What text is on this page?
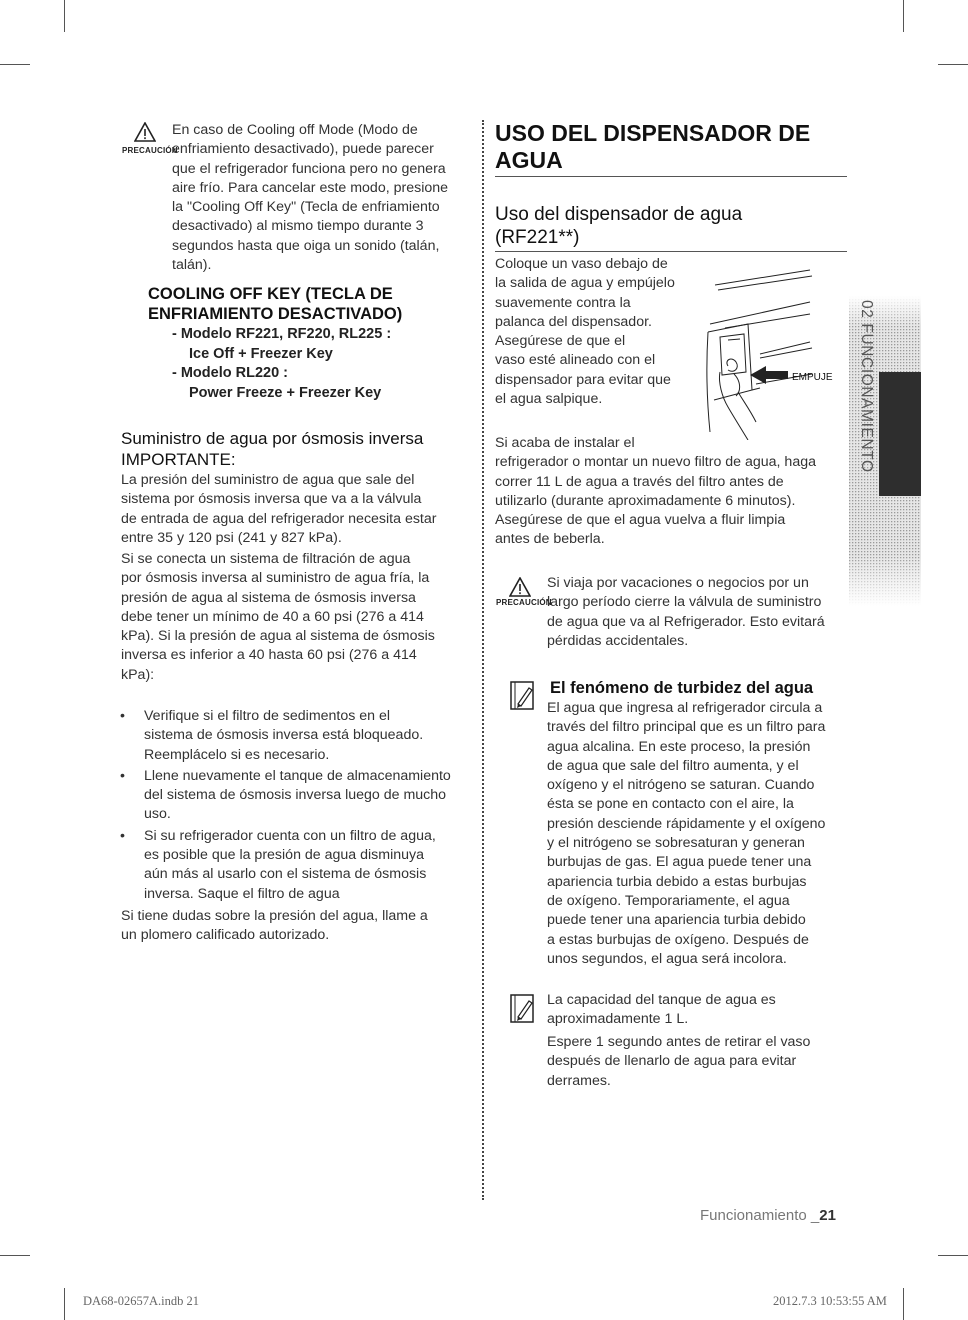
PRECAUCIÓN
En caso de Cooling off Mode (Modo de
enfriamiento desactivado), puede parecer
que el refrigerador funciona pero no genera
aire frío. Para cancelar este modo, presione
la "Cooling Off Key" (Tecla de enfriamiento
desactivado) al mismo tiempo durante 3
segundos hasta que oiga un sonido (talán,
talán).
COOLING OFF KEY (TECLA DE
ENFRIAMIENTO DESACTIVADO)
- Modelo RF221, RF220, RL225 :
Ice Off + Freezer Key
- Modelo RL220 :
Power Freeze + Freezer Key
Suministro de agua por ósmosis inversa
IMPORTANTE:
La presión del suministro de agua que sale del
sistema por ósmosis inversa que va a la válvula
de entrada de agua del refrigerador necesita estar
entre 35 y 120 psi (241 y 827 kPa).
Si se conecta un sistema de filtración de agua
por ósmosis inversa al suministro de agua fría, la
presión de agua al sistema de ósmosis inversa
debe tener un mínimo de 40 a 60 psi (276 a 414
kPa). Si la presión de agua al sistema de ósmosis
inversa es inferior a 40 hasta 60 psi (276 a 414
kPa):
• Verifique si el filtro de sedimentos en el
sistema de ósmosis inversa está bloqueado.
Reemplácelo si es necesario.
• Llene nuevamente el tanque de almacenamiento
del sistema de ósmosis inversa luego de mucho
uso.
• Si su refrigerador cuenta con un filtro de agua,
es posible que la presión de agua disminuya
aún más al usarlo con el sistema de ósmosis
inversa. Saque el filtro de agua
Si tiene dudas sobre la presión del agua, llame a
un plomero calificado autorizado.
USO DEL DISPENSADOR DE
AGUA
Uso del dispensador de agua
(RF221**)
Coloque un vaso debajo de
la salida de agua y empújelo
suavemente contra la
palanca del dispensador.
Asegúrese de que el
vaso esté alineado con el
dispensador para evitar que
el agua salpique.
EMPUJE
Si acaba de instalar el
refrigerador o montar un nuevo filtro de agua, haga
correr 11 L de agua a través del filtro antes de
utilizarlo (durante aproximadamente 6 minutos).
Asegúrese de que el agua vuelva a fluir limpia
antes de beberla.
PRECAUCIÓN
Si viaja por vacaciones o negocios por un
largo período cierre la válvula de suministro
de agua que va al Refrigerador. Esto evitará
pérdidas accidentales.
El fenómeno de turbidez del agua
El agua que ingresa al refrigerador circula a
través del filtro principal que es un filtro para
agua alcalina. En este proceso, la presión
de agua que sale del filtro aumenta, y el
oxígeno y el nitrógeno se saturan. Cuando
ésta se pone en contacto con el aire, la
presión desciende rápidamente y el oxígeno
y el nitrógeno se sobresaturan y generan
burbujas de gas. El agua puede tener una
apariencia turbia debido a estas burbujas
de oxígeno. Temporariamente, el agua
puede tener una apariencia turbia debido
a estas burbujas de oxígeno. Después de
unos segundos, el agua será incolora.
La capacidad del tanque de agua es
aproximadamente 1 L.
Espere 1 segundo antes de retirar el vaso
después de llenarlo de agua para evitar
derrames.
02 FUNCIONAMIENTO
Funcionamiento _21
DA68-02657A.indb 21	2012.7.3 10:53:55 AM
